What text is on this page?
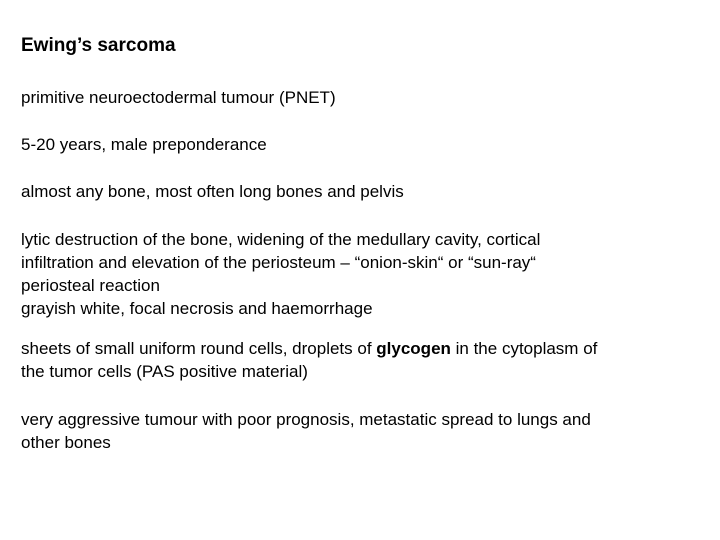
Ewing’s sarcoma

primitive neuroectodermal tumour (PNET)

5-20 years, male preponderance

almost any bone, most often long bones and pelvis

lytic destruction of the bone, widening of the medullary cavity, cortical
infiltration and elevation of the periosteum – “onion-skin“ or “sun-ray“
periosteal reaction
grayish white, focal necrosis and haemorrhage

sheets of small uniform round cells, droplets of glycogen in the cytoplasm of
the tumor cells (PAS positive material)

very aggressive tumour with poor prognosis, metastatic spread to lungs and
other bones
